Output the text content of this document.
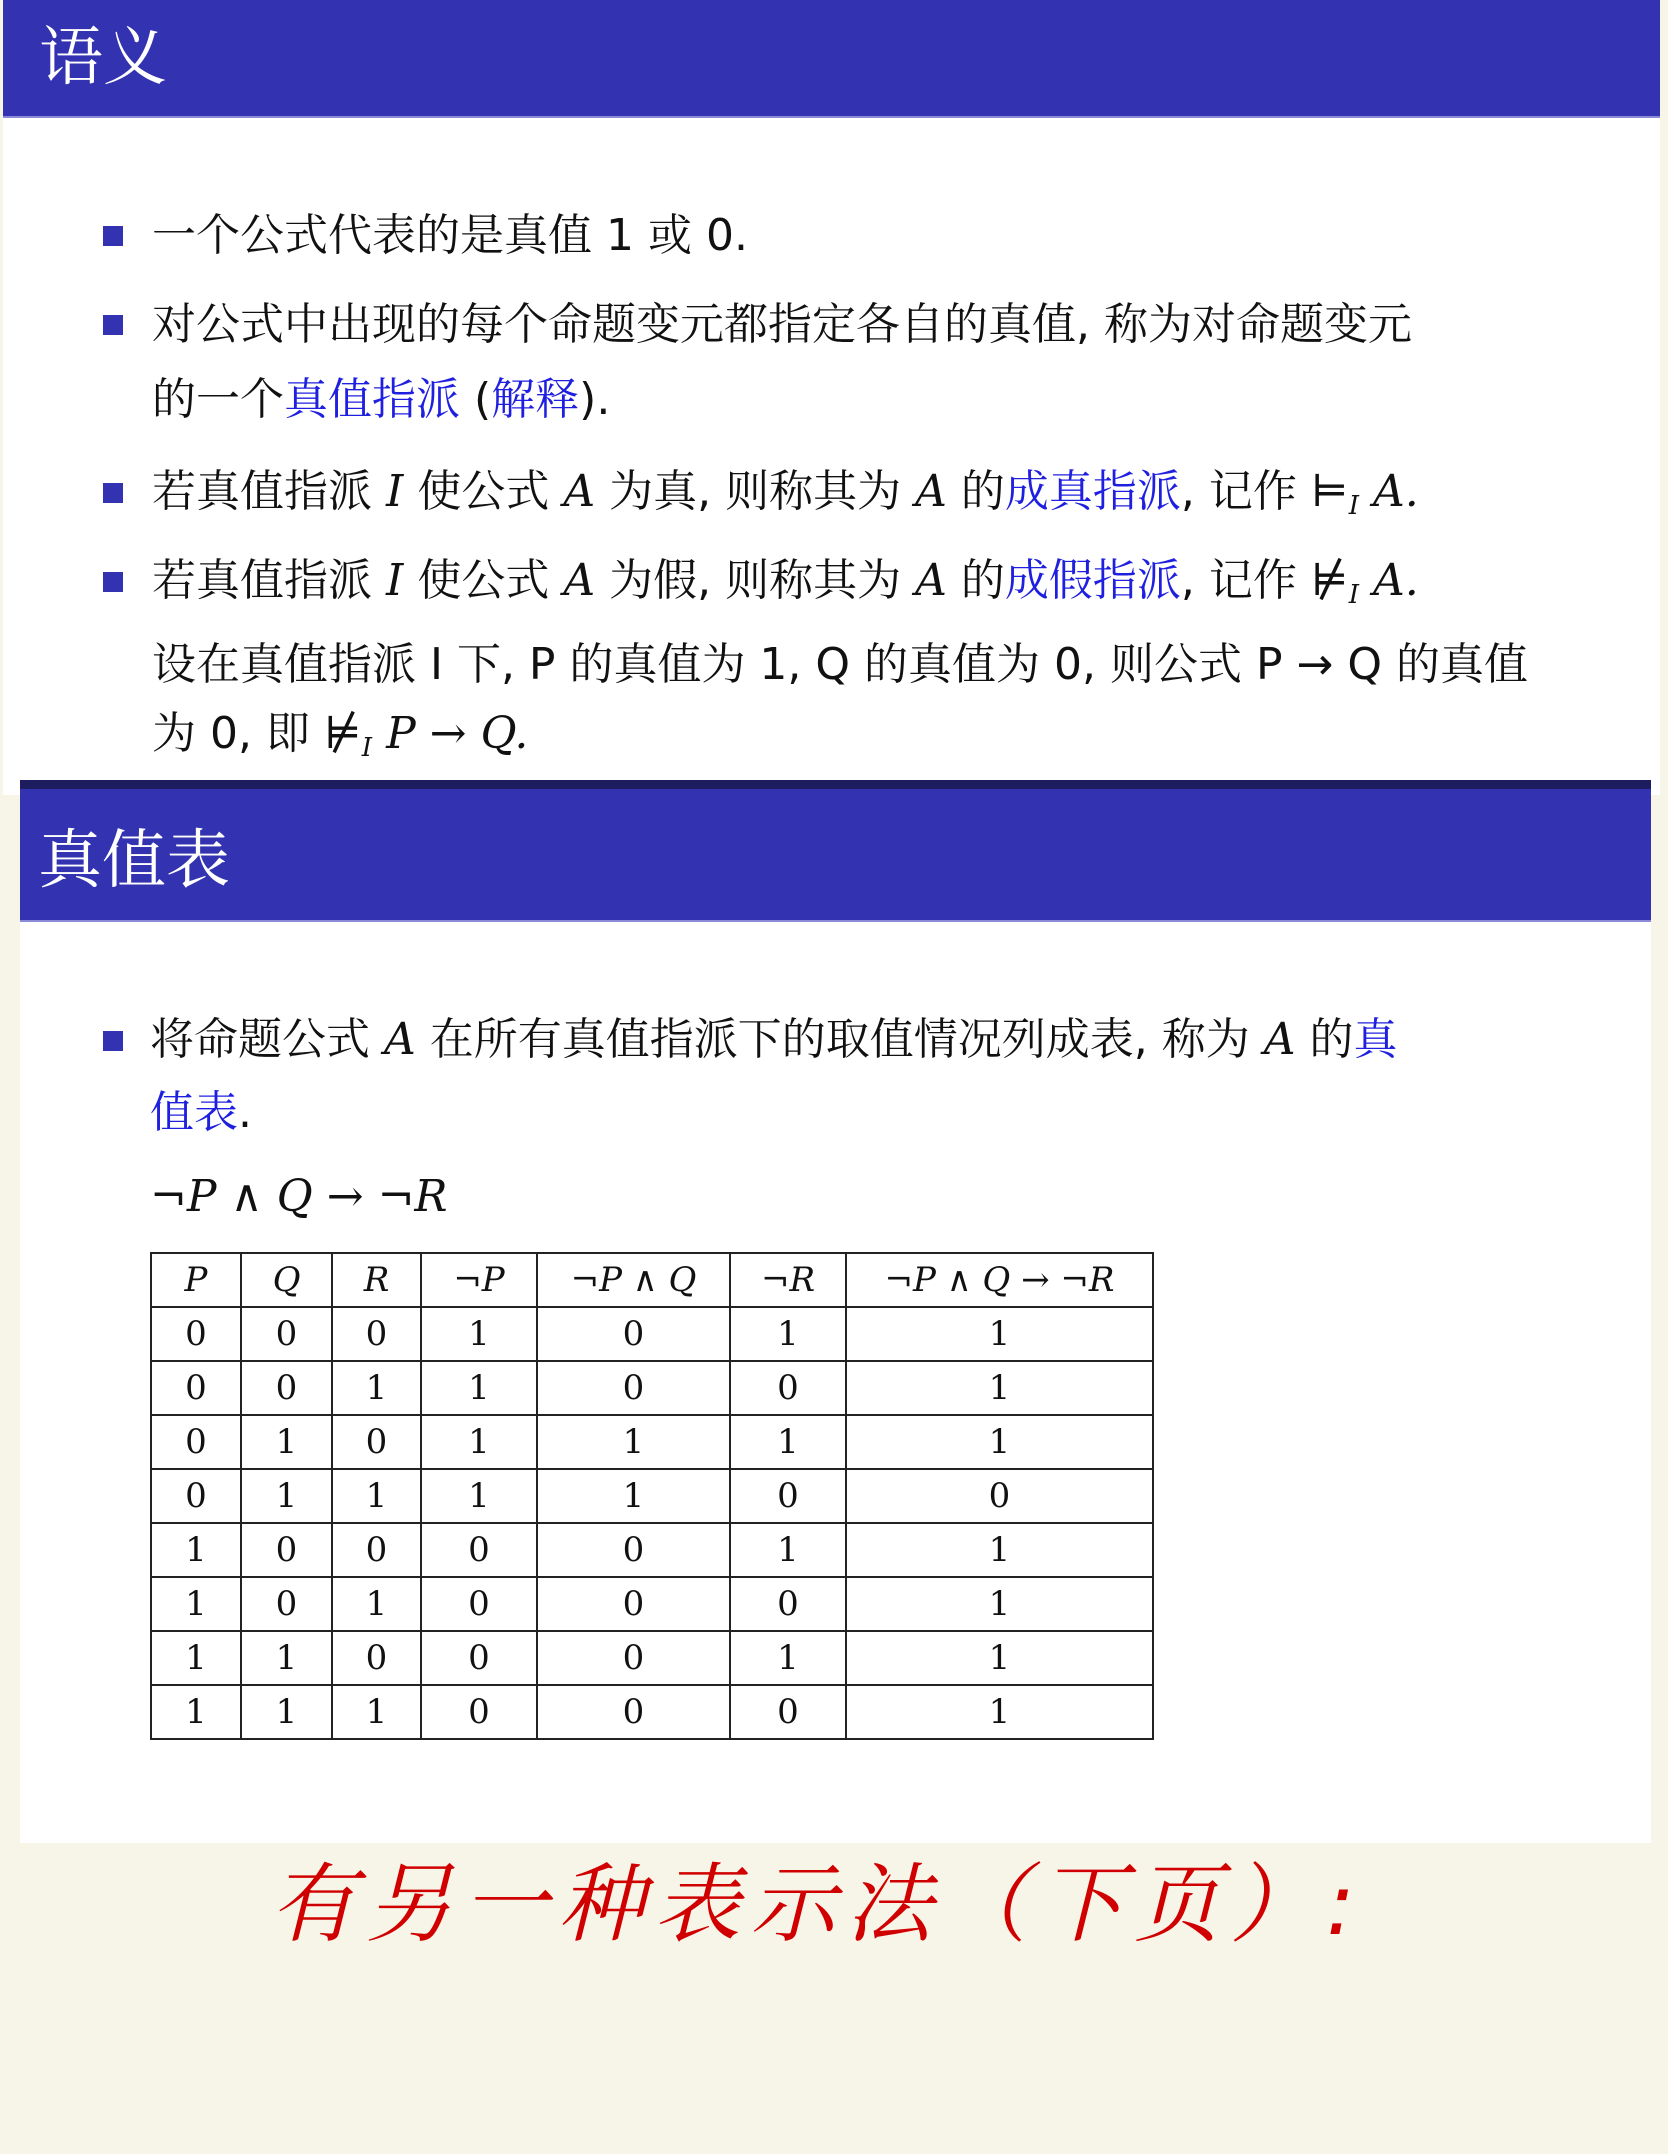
语义
一个公式代表的是真值 1 或 0.
对公式中出现的每个命题变元都指定各自的真值, 称为对命题变元
的一个真值指派 (解释).
若真值指派 I 使公式 A 为真, 则称其为 A 的成真指派, 记作 $⊨_I$ A.
若真值指派 I 使公式 A 为假, 则称其为 A 的成假指派, 记作 $⊭_I$ A.
设在真值指派 I 下, P 的真值为 1, Q 的真值为 0, 则公式 P → Q 的真值
为 0, 即 $⊭_I$ P → Q.
真值表
将命题公式 A 在所有真值指派下的取值情况列成表, 称为 A 的真
值表.
¬P ∧ Q → ¬R
P	Q	R	¬P	¬P ∧ Q	¬R	¬P ∧ Q → ¬R
0	0	0	1	0	1	1
0	0	1	1	0	0	1
0	1	0	1	1	1	1
0	1	1	1	1	0	0
1	0	0	0	0	1	1
1	0	1	0	0	0	1
1	1	0	0	0	1	1
1	1	1	0	0	0	1
有另一种表示法（下页）:
